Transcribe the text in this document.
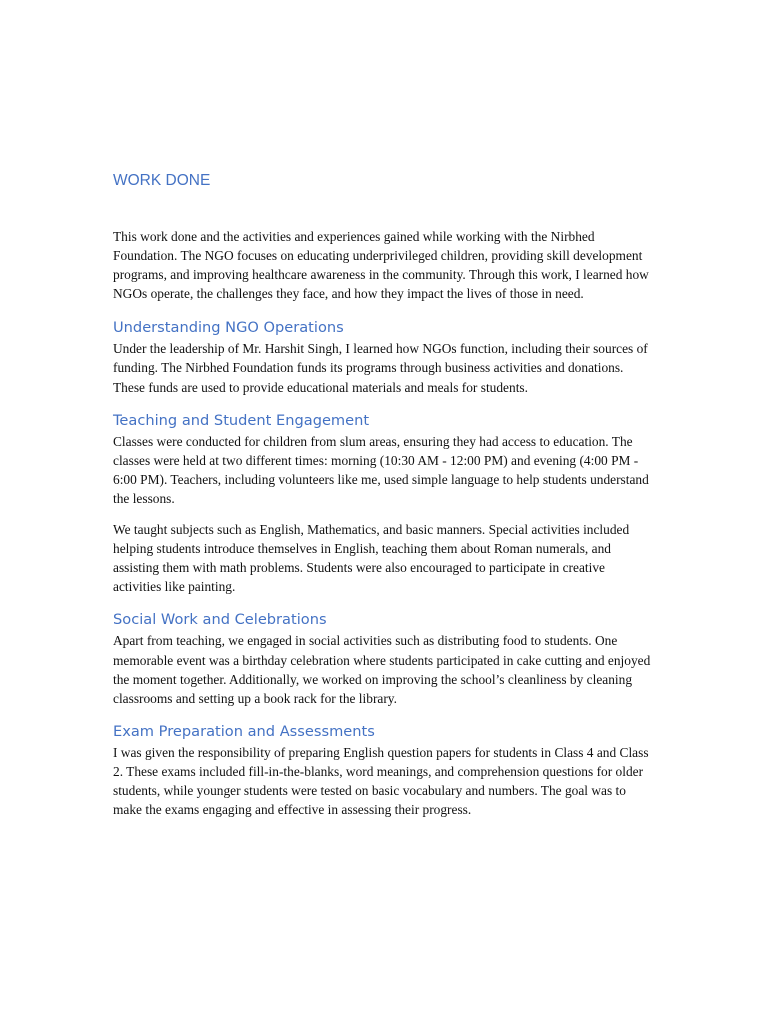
WORK DONE

This work done and the activities and experiences gained while working with the Nirbhed Foundation. The NGO focuses on educating underprivileged children, providing skill development programs, and improving healthcare awareness in the community. Through this work, I learned how NGOs operate, the challenges they face, and how they impact the lives of those in need.

Understanding NGO Operations

Under the leadership of Mr. Harshit Singh, I learned how NGOs function, including their sources of funding. The Nirbhed Foundation funds its programs through business activities and donations. These funds are used to provide educational materials and meals for students.

Teaching and Student Engagement

Classes were conducted for children from slum areas, ensuring they had access to education. The classes were held at two different times: morning (10:30 AM - 12:00 PM) and evening (4:00 PM - 6:00 PM). Teachers, including volunteers like me, used simple language to help students understand the lessons.

We taught subjects such as English, Mathematics, and basic manners. Special activities included helping students introduce themselves in English, teaching them about Roman numerals, and assisting them with math problems. Students were also encouraged to participate in creative activities like painting.

Social Work and Celebrations

Apart from teaching, we engaged in social activities such as distributing food to students. One memorable event was a birthday celebration where students participated in cake cutting and enjoyed the moment together. Additionally, we worked on improving the school’s cleanliness by cleaning classrooms and setting up a book rack for the library.

Exam Preparation and Assessments

I was given the responsibility of preparing English question papers for students in Class 4 and Class 2. These exams included fill-in-the-blanks, word meanings, and comprehension questions for older students, while younger students were tested on basic vocabulary and numbers. The goal was to make the exams engaging and effective in assessing their progress.
